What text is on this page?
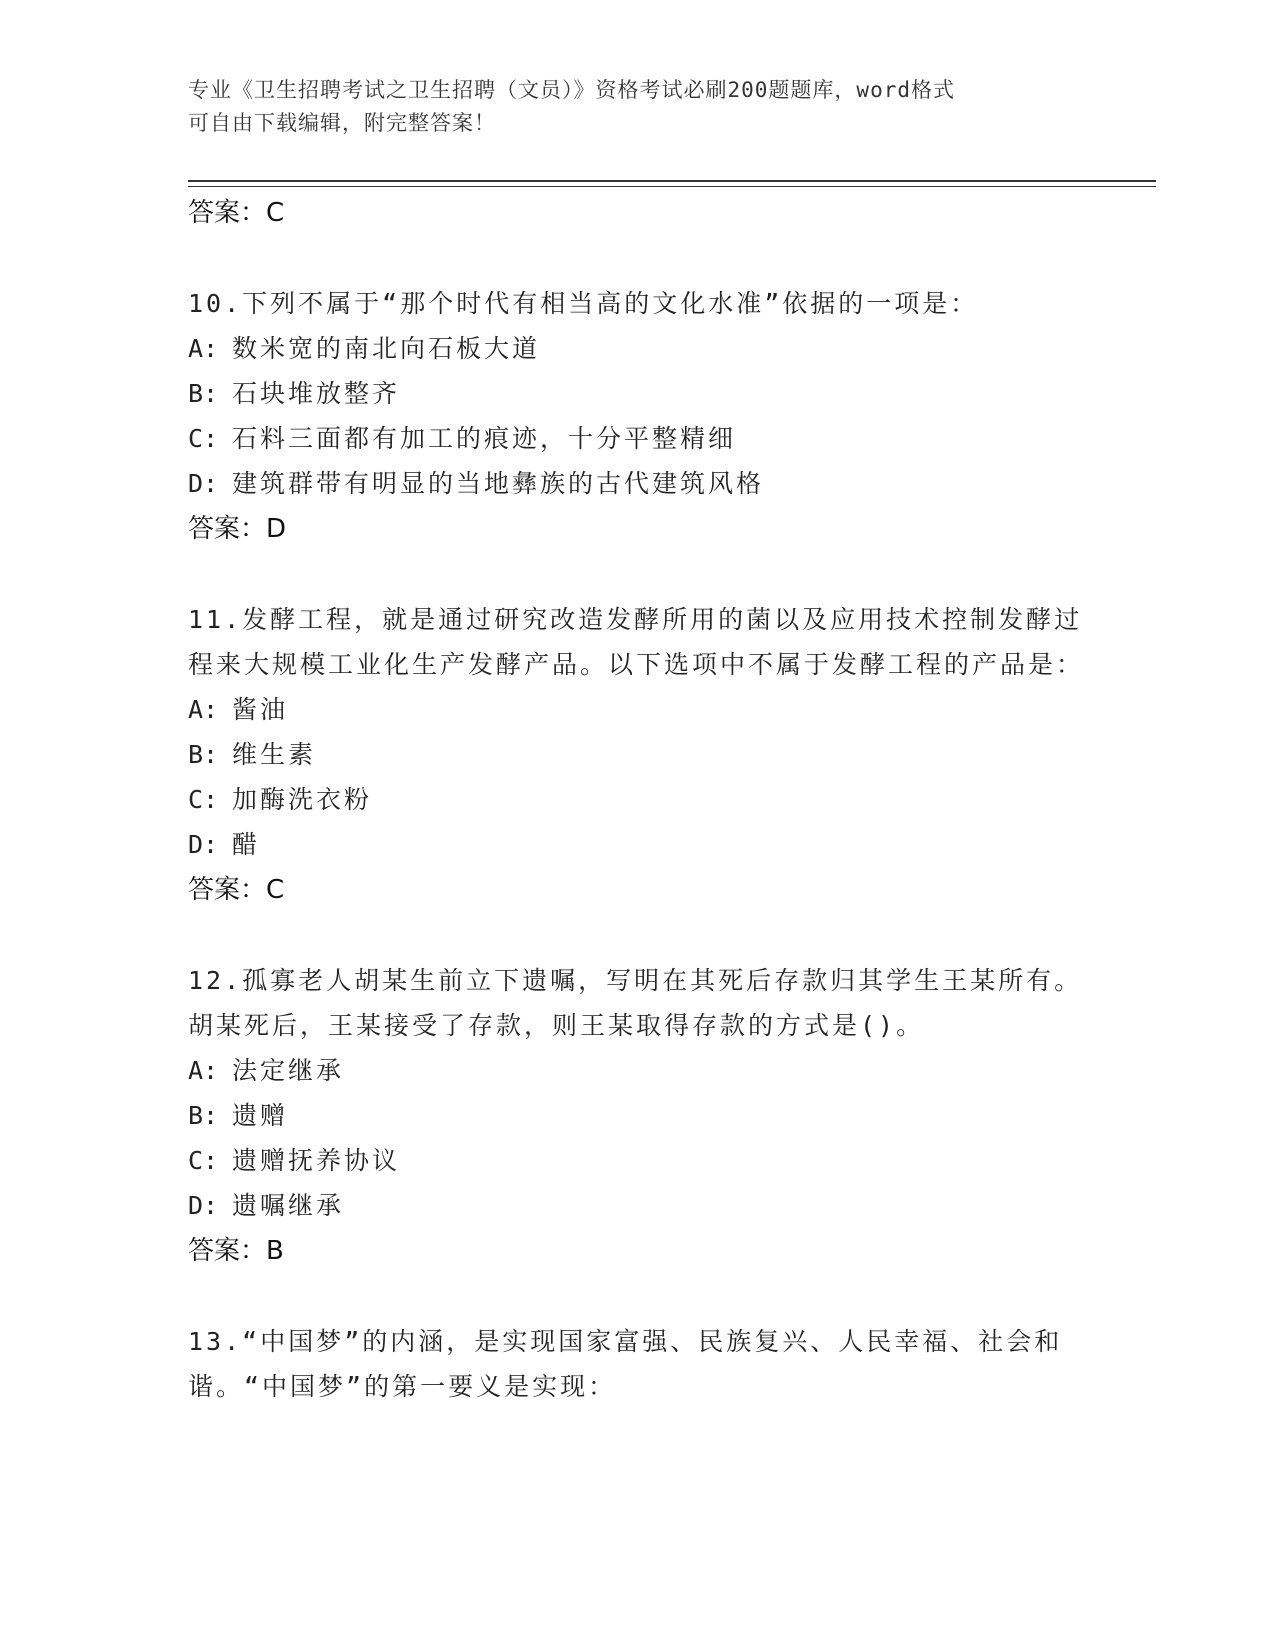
专业《卫生招聘考试之卫生招聘（文员）》资格考试必刷200题题库，word格式
可自由下载编辑，附完整答案！
答案：C
10.下列不属于“那个时代有相当高的文化水准”依据的一项是：
A: 数米宽的南北向石板大道
B: 石块堆放整齐
C: 石料三面都有加工的痕迹，十分平整精细
D: 建筑群带有明显的当地彝族的古代建筑风格
答案：D
11.发酵工程，就是通过研究改造发酵所用的菌以及应用技术控制发酵过程来大规模工业化生产发酵产品。以下选项中不属于发酵工程的产品是：
A: 酱油
B: 维生素
C: 加酶洗衣粉
D: 醋
答案：C
12.孤寡老人胡某生前立下遗嘱，写明在其死后存款归其学生王某所有。胡某死后，王某接受了存款，则王某取得存款的方式是()。
A: 法定继承
B: 遗赠
C: 遗赠抚养协议
D: 遗嘱继承
答案：B
13.“中国梦”的内涵，是实现国家富强、民族复兴、人民幸福、社会和谐。“中国梦”的第一要义是实现：
